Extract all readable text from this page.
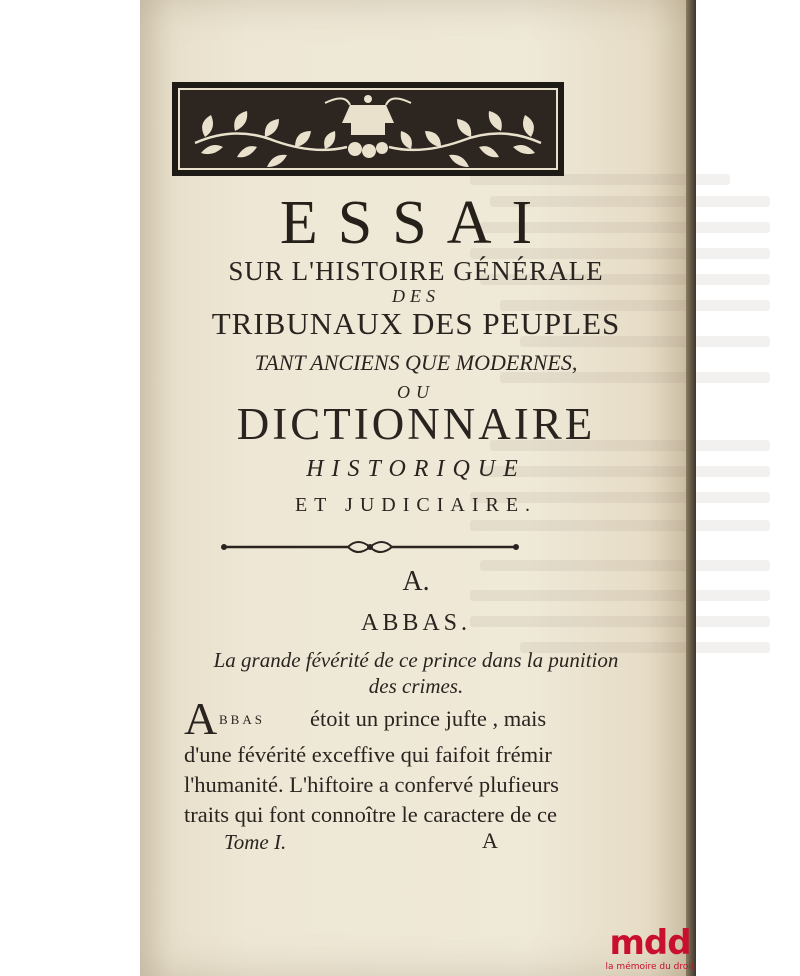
ESSAI
SUR L'HISTOIRE GÉNÉRALE
DES
TRIBUNAUX DES PEUPLES
TANT ANCIENS QUE MODERNES,
OU
DICTIONNAIRE
HISTORIQUE
ET JUDICIAIRE.
A.
ABBAS.
La grande févérité de ce prince dans la punition
des crimes.
A BBAS étoit un prince jufte , mais
d'une févérité exceffive qui faifoit frémir
l'humanité. L'hiftoire a confervé plufieurs
traits qui font connoître le caractere de ce
Tome I.	A
mdd
la mémoire du droit
